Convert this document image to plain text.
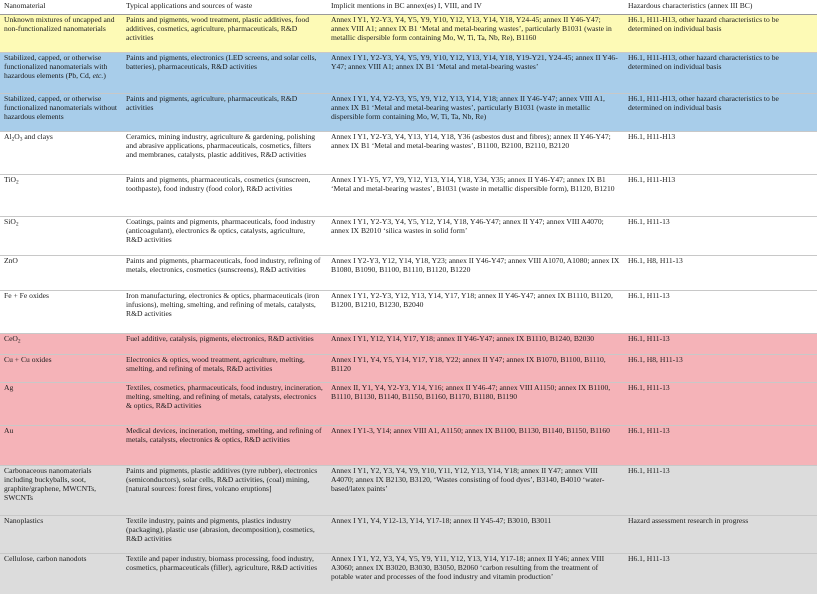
Nanomaterial	Typical applications and sources of waste	Implicit mentions in BC annex(es) I, VIII, and IV	Hazardous characteristics (annex III BC)
Unknown mixtures of uncapped and non-functionalized nanomaterials	Paints and pigments, wood treatment, plastic additives, food additives, cosmetics, agriculture, pharmaceuticals, R&D activities	Annex I Y1, Y2-Y3, Y4, Y5, Y9, Y10, Y12, Y13, Y14, Y18, Y24-45; annex II Y46-Y47; annex VIII A1; annex IX B1 ‘Metal and metal-bearing wastes’, particularly B1031 (waste in metallic dispersible form containing Mo, W, Ti, Ta, Nb, Re), B1160	H6.1, H11-H13, other hazard characteristics to be determined on individual basis
Stabilized, capped, or otherwise functionalized nanomaterials with hazardous elements (Pb, Cd, etc.)	Paints and pigments, electronics (LED screens, and solar cells, batteries), pharmaceuticals, R&D activities	Annex I Y1, Y2-Y3, Y4, Y5, Y9, Y10, Y12, Y13, Y14, Y18, Y19-Y21, Y24-45; annex II Y46-Y47; annex VIII A1; annex IX B1 ‘Metal and metal-bearing wastes’	H6.1, H11-H13, other hazard characteristics to be determined on individual basis
Stabilized, capped, or otherwise functionalized nanomaterials without hazardous elements	Paints and pigments, agriculture, pharmaceuticals, R&D activities	Annex I Y1, Y4, Y2-Y3, Y5, Y9, Y12, Y13, Y14, Y18; annex II Y46-Y47; annex VIII A1, annex IX B1 ‘Metal and metal-bearing wastes’, particularly B1031 (waste in metallic dispersible form containing Mo, W, Ti, Ta, Nb, Re)	H6.1, H11-H13, other hazard characteristics to be determined on individual basis
$Al_2O_3$ and clays	Ceramics, mining industry, agriculture & gardening, polishing and abrasive applications, pharmaceuticals, cosmetics, filters and membranes, catalysts, plastic additives, R&D activities	Annex I Y1, Y2-Y3, Y4, Y13, Y14, Y18, Y36 (asbestos dust and fibres); annex II Y46-Y47; annex IX B1 ‘Metal and metal-bearing wastes’, B1100, B2100, B2110, B2120	H6.1, H11-H13
TiO$_2$	Paints and pigments, pharmaceuticals, cosmetics (sunscreen, toothpaste), food industry (food color), R&D activities	Annex I Y1-Y5, Y7, Y9, Y12, Y13, Y14, Y18, Y34, Y35; annex II Y46-Y47; annex IX B1 ‘Metal and metal-bearing wastes’, B1031 (waste in metallic dispersible form), B1120, B1210	H6.1, H11-H13
SiO$_2$	Coatings, paints and pigments, pharmaceuticals, food industry (anticoagulant), electronics & optics, catalysts, agriculture, R&D activities	Annex I Y1, Y2-Y3, Y4, Y5, Y12, Y14, Y18, Y46-Y47; annex II Y47; annex VIII A4070; annex IX B2010 ‘silica wastes in solid form’	H6.1, H11-13
ZnO	Paints and pigments, pharmaceuticals, food industry, refining of metals, electronics, cosmetics (sunscreens), R&D activities	Annex I Y2-Y3, Y12, Y14, Y18, Y23; annex II Y46-Y47; annex VIII A1070, A1080; annex IX B1080, B1090, B1100, B1110, B1120, B1220	H6.1, H8, H11-13
Fe + Fe oxides	Iron manufacturing, electronics & optics, pharmaceuticals (iron infusions), melting, smelting, and refining of metals, catalysts, R&D activities	Annex I Y1, Y2-Y3, Y12, Y13, Y14, Y17, Y18; annex II Y46-Y47; annex IX B1110, B1120, B1200, B1210, B1230, B2040	H6.1, H11-13
CeO$_2$	Fuel additive, catalysis, pigments, electronics, R&D activities	Annex I Y1, Y12, Y14, Y17, Y18; annex II Y46-Y47; annex IX B1110, B1240, B2030	H6.1, H11-13
Cu + Cu oxides	Electronics & optics, wood treatment, agriculture, melting, smelting, and refining of metals, R&D activities	Annex I Y1, Y4, Y5, Y14, Y17, Y18, Y22; annex II Y47; annex IX B1070, B1100, B1110, B1120	H6.1, H8, H11-13
Ag	Textiles, cosmetics, pharmaceuticals, food industry, incineration, melting, smelting, and refining of metals, catalysts, electronics & optics, R&D activities	Annex II, Y1, Y4, Y2-Y3, Y14, Y16; annex II Y46-47; annex VIII A1150; annex IX B1100, B1110, B1130, B1140, B1150, B1160, B1170, B1180, B1190	H6.1, H11-13
Au	Medical devices, incineration, melting, smelting, and refining of metals, catalysts, electronics & optics, R&D activities	Annex I Y1-3, Y14; annex VIII A1, A1150; annex IX B1100, B1130, B1140, B1150, B1160	H6.1, H11-13
Carbonaceous nanomaterials including buckyballs, soot, graphite/graphene, MWCNTs, SWCNTs	Paints and pigments, plastic additives (tyre rubber), electronics (semiconductors), solar cells, R&D activities, (coal) mining, [natural sources: forest fires, volcano eruptions]	Annex I Y1, Y2, Y3, Y4, Y9, Y10, Y11, Y12, Y13, Y14, Y18; annex II Y47; annex VIII A4070; annex IX B2130, B3120, ‘Wastes consisting of food dyes’, B3140, B4010 ‘water-based/latex paints’	H6.1, H11-13
Nanoplastics	Textile industry, paints and pigments, plastics industry (packaging), plastic use (abrasion, decomposition), cosmetics, R&D activities	Annex I Y1, Y4, Y12-13, Y14, Y17-18; annex II Y45-47; B3010, B3011	Hazard assessment research in progress
Cellulose, carbon nanodots	Textile and paper industry, biomass processing, food industry, cosmetics, pharmaceuticals (filler), agriculture, R&D activities	Annex I Y1, Y2, Y3, Y4, Y5, Y9, Y11, Y12, Y13, Y14, Y17-18; annex II Y46; annex VIII A3060; annex IX B3020, B3030, B3050, B2060 ‘carbon resulting from the treatment of potable water and processes of the food industry and vitamin production’	H6.1, H11-13
